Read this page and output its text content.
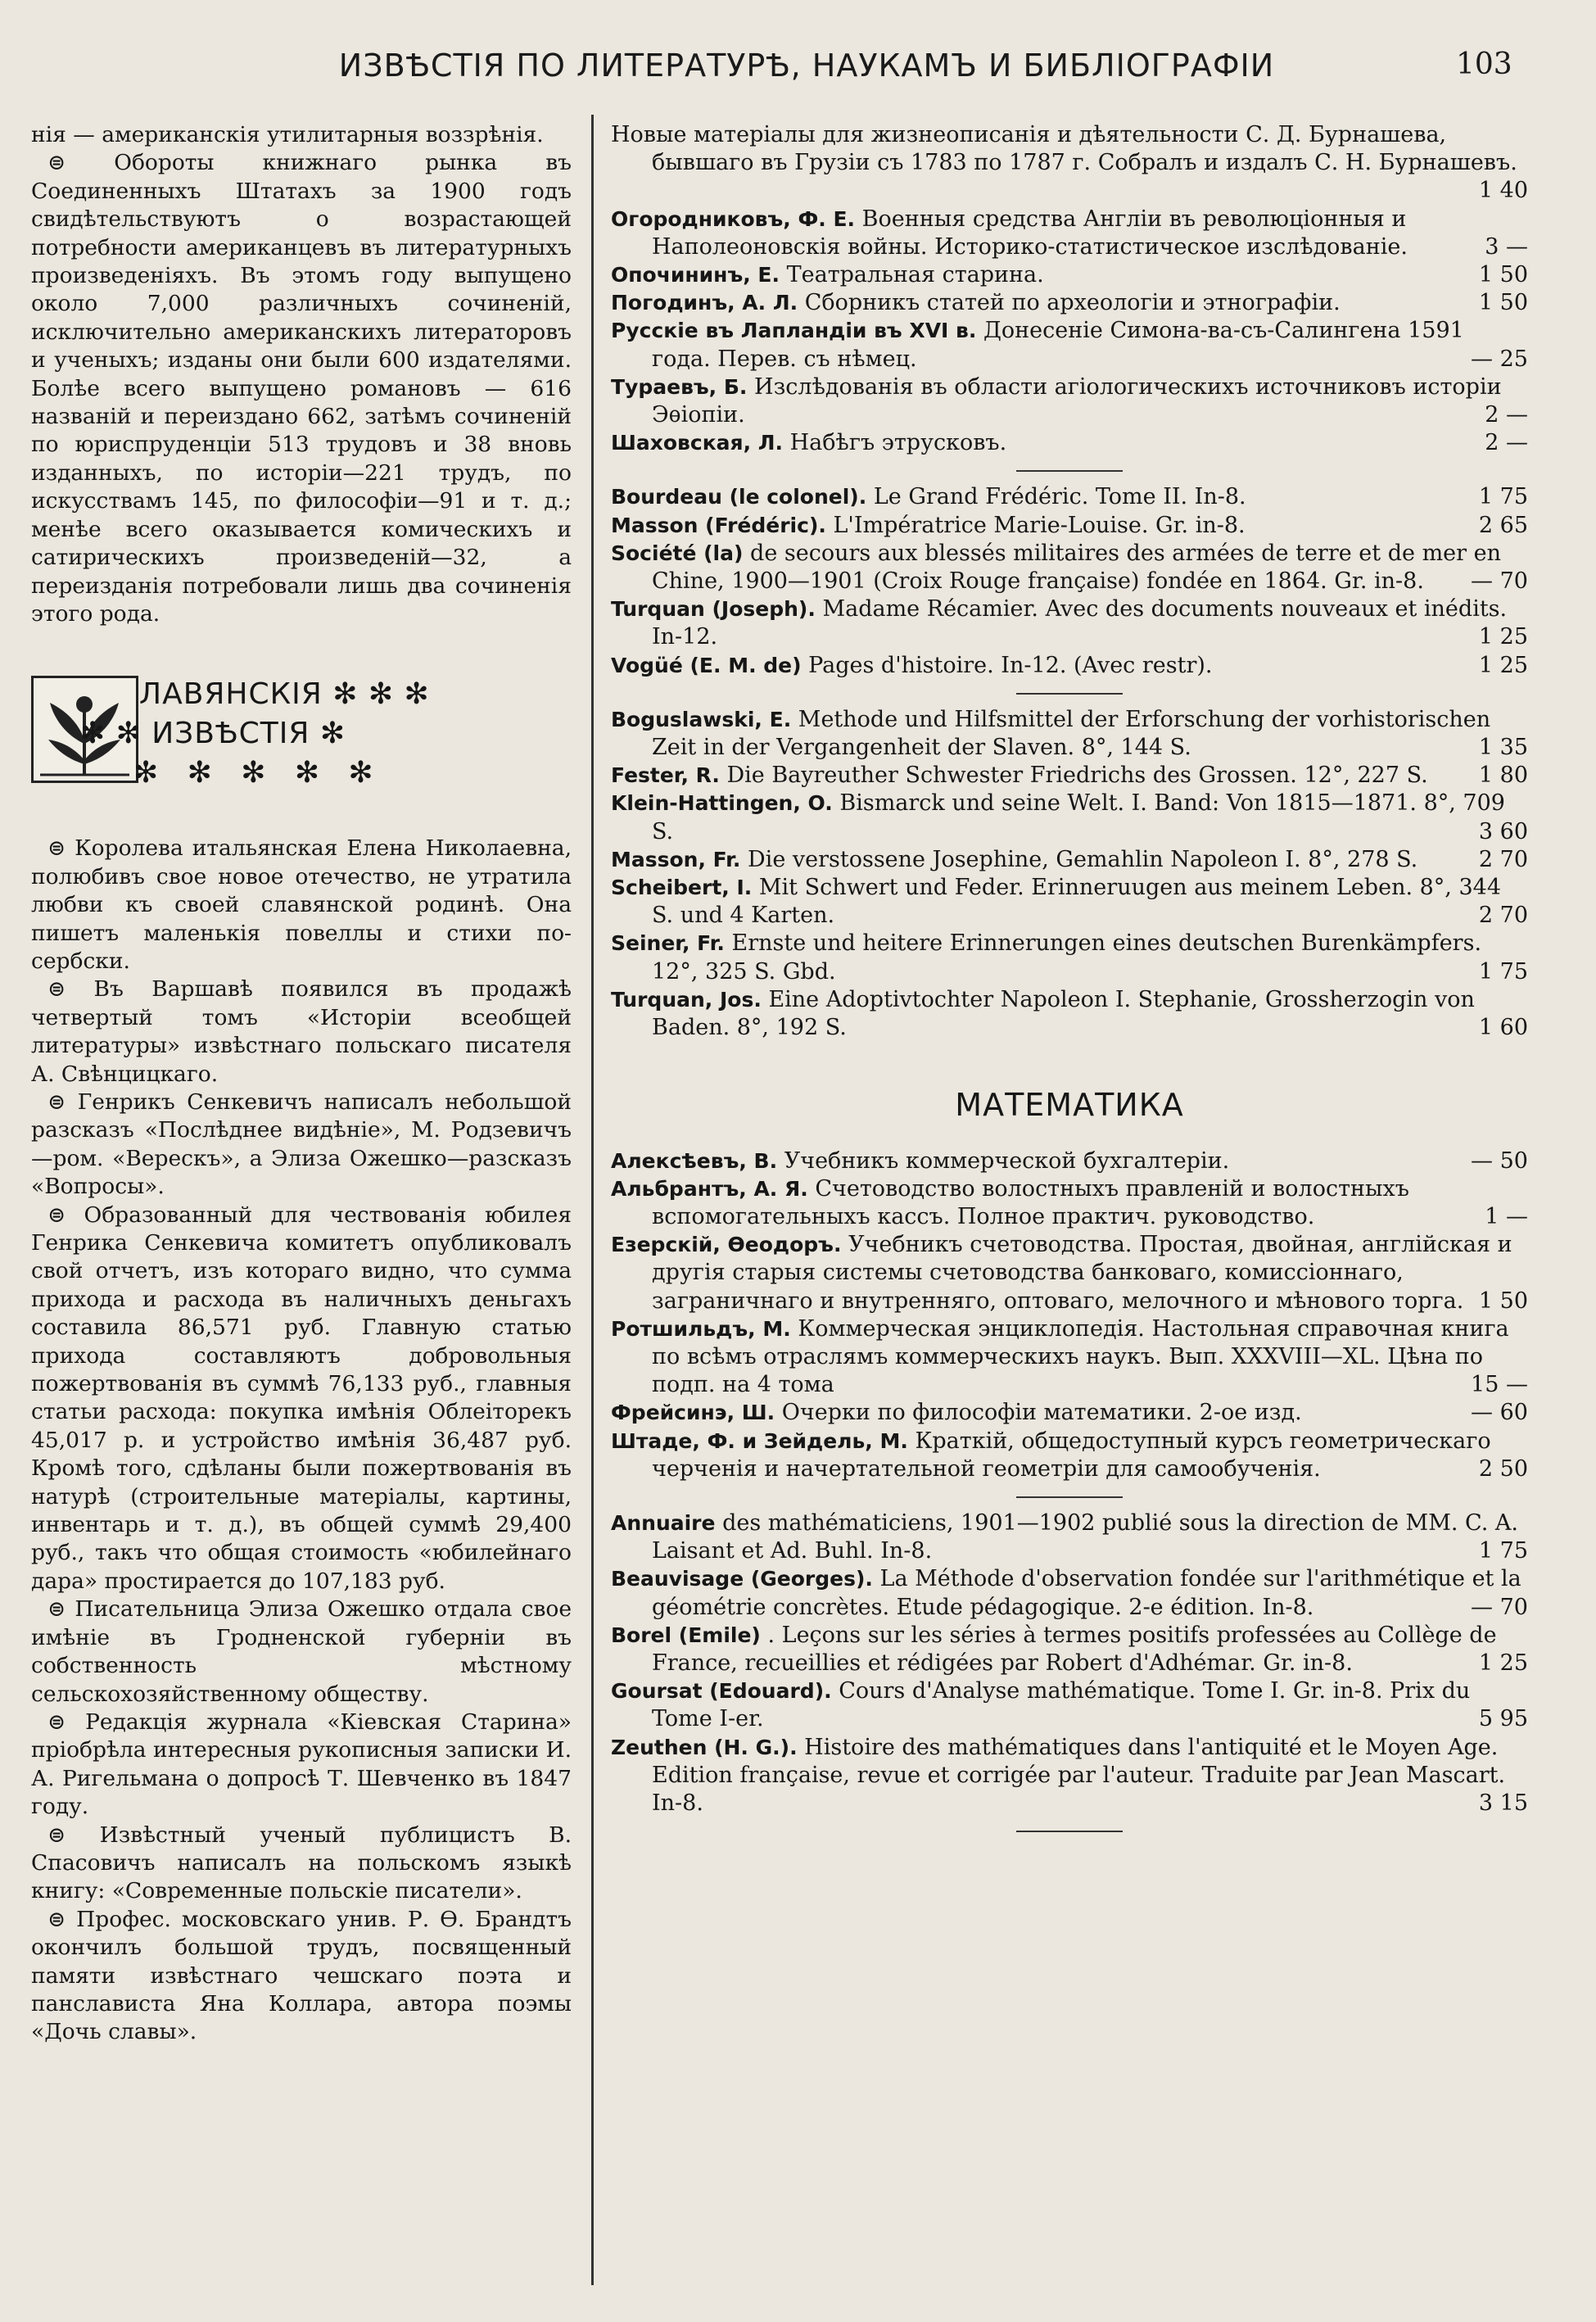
ИЗВѢСТІЯ ПО ЛИТЕРАТУРѢ, НАУКАМЪ И БИБЛІОГРАФІИ	103

нія — американскія утилитарныя воззрѣнія.

⊜ Обороты книжнаго рынка въ Соединенныхъ Штатахъ за 1900 годъ свидѣтельствуютъ о возрастающей потребности американцевъ въ литературныхъ произведеніяхъ. Въ этомъ году выпущено около 7,000 различныхъ сочиненій, исключительно американскихъ литераторовъ и ученыхъ; изданы они были 600 издателями. Болѣе всего выпущено романовъ — 616 названій и переиздано 662, затѣмъ сочиненій по юриспруденціи 513 трудовъ и 38 вновь изданныхъ, по исторіи—221 трудъ, по искусствамъ 145, по философіи—91 и т. д.; менѣе всего оказывается комическихъ и сатирическихъ произведеній—32, а переизданія потребовали лишь два сочиненія этого рода.

ЛАВЯНСКІЯ ✻ ✻ ✻
✻ ✻ ИЗВѢСТІЯ ✻
✻ ✻ ✻ ✻ ✻

⊜ Королева итальянская Елена Николаевна, полюбивъ свое новое отечество, не утратила любви къ своей славянской родинѣ. Она пишетъ маленькія повеллы и стихи по-сербски.

⊜ Въ Варшавѣ появился въ продажѣ четвертый томъ «Исторіи всеобщей литературы» извѣстнаго польскаго писателя А. Свѣнцицкаго.

⊜ Генрикъ Сенкевичъ написалъ небольшой разсказъ «Послѣднее видѣніе», М. Родзевичъ—ром. «Верескъ», а Элиза Ожешко—разсказъ «Вопросы».

⊜ Образованный для чествованія юбилея Генрика Сенкевича комитетъ опубликовалъ свой отчетъ, изъ котораго видно, что сумма прихода и расхода въ наличныхъ деньгахъ составила 86,571 руб. Главную статью прихода составляютъ добровольныя пожертвованія въ суммѣ 76,133 руб., главныя статьи расхода: покупка имѣнія Облеіторекъ 45,017 р. и устройство имѣнія 36,487 руб. Кромѣ того, сдѣланы были пожертвованія въ натурѣ (строительные матеріалы, картины, инвентарь и т. д.), въ общей суммѣ 29,400 руб., такъ что общая стоимость «юбилейнаго дара» простирается до 107,183 руб.

⊜ Писательница Элиза Ожешко отдала свое имѣніе въ Гродненской губерніи въ собственность мѣстному сельскохозяйственному обществу.

⊜ Редакція журнала «Кіевская Старина» пріобрѣла интересныя рукописныя записки И. А. Ригельмана о допросѣ Т. Шевченко въ 1847 году.

⊜ Извѣстный ученый публицистъ В. Спасовичъ написалъ на польскомъ языкѣ книгу: «Современные польскіе писатели».

⊜ Профес. московскаго унив. Р. Ѳ. Брандтъ окончилъ большой трудъ, посвященный памяти извѣстнаго чешскаго поэта и панслависта Яна Коллара, автора поэмы «Дочь славы».

Новые матеріалы для жизнеописанія и дѣятельности С. Д. Бурнашева, бывшаго въ Грузіи съ 1783 по 1787 г. Собралъ и издалъ С. Н. Бурнашевъ.
1 40

Огородниковъ, Ф. Е. Военныя средства Англіи въ революціонныя и Наполеоновскія войны. Историко-статистическое изслѣдованіе.	3 —

Опочининъ, Е. Театральная старина.	1 50

Погодинъ, А. Л. Сборникъ статей по археологіи и этнографіи.	1 50

Русскіе въ Лапландіи въ XVI в. Донесеніе Симона-ва-съ-Салингена 1591 года. Перев. съ нѣмец.	— 25

Тураевъ, Б. Изслѣдованія въ области агіологическихъ источниковъ исторіи Эѳіопіи.	2 —

Шаховская, Л. Набѣгъ этрусковъ.	2 —

Bourdeau (le colonel). Le Grand Frédéric. Tome II. In-8.	1 75

Masson (Frédéric). L'Impératrice Marie-Louise. Gr. in-8.	2 65

Société (la) de secours aux blessés militaires des armées de terre et de mer en Chine, 1900—1901 (Croix Rouge française) fondée en 1864. Gr. in-8.	— 70

Turquan (Joseph). Madame Récamier. Avec des documents nouveaux et inédits. In-12.	1 25

Vogüé (E. M. de) Pages d'histoire. In-12. (Avec restr).	1 25

Boguslawski, E. Methode und Hilfsmittel der Erforschung der vorhistorischen Zeit in der Vergangenheit der Slaven. 8°, 144 S.	1 35

Fester, R. Die Bayreuther Schwester Friedrichs des Grossen. 12°, 227 S.	1 80

Klein-Hattingen, O. Bismarck und seine Welt. I. Band: Von 1815—1871. 8°, 709 S.	3 60

Masson, Fr. Die verstossene Josephine, Gemahlin Napoleon I. 8°, 278 S.	2 70

Scheibert, I. Mit Schwert und Feder. Erinneruugen aus meinem Leben. 8°, 344 S. und 4 Karten.	2 70

Seiner, Fr. Ernste und heitere Erinnerungen eines deutschen Burenkämpfers. 12°, 325 S. Gbd.	1 75

Turquan, Jos. Eine Adoptivtochter Napoleon I. Stephanie, Grossherzogin von Baden. 8°, 192 S.	1 60

МАТЕМАТИКА

Алексѣевъ, В. Учебникъ коммерческой бухгалтеріи.	— 50

Альбрантъ, А. Я. Счетоводство волостныхъ правленій и волостныхъ вспомогательныхъ кассъ. Полное практич. руководство.	1 —

Езерскій, Ѳеодоръ. Учебникъ счетоводства. Простая, двойная, англійская и другія старыя системы счетоводства банковаго, комиссіоннаго, заграничнаго и внутренняго, оптоваго, мелочного и мѣнового торга. 1 50

Ротшильдъ, М. Коммерческая энциклопедія. Настольная справочная книга по всѣмъ отраслямъ коммерческихъ наукъ. Вып. XXXVIII—XL. Цѣна по подп. на 4 тома	15 —

Фрейсинэ, Ш. Очерки по философіи математики. 2-ое изд.	— 60

Штаде, Ф. и Зейдель, М. Краткій, общедоступный курсъ геометрическаго черченія и начертательной геометріи для самообученія.	2 50

Annuaire des mathématiciens, 1901—1902 publié sous la direction de MM. C. A. Laisant et Ad. Buhl. In-8.	1 75

Beauvisage (Georges). La Méthode d'observation fondée sur l'arithmétique et la géométrie concrètes. Etude pédagogique. 2-e édition. In-8.	— 70

Borel (Emile) . Leçons sur les séries à termes positifs professées au Collège de France, recueillies et rédigées par Robert d'Adhémar. Gr. in-8.	1 25

Goursat (Edouard). Cours d'Analyse mathématique. Tome I. Gr. in-8. Prix du Tome I-er.	5 95

Zeuthen (H. G.). Histoire des mathématiques dans l'antiquité et le Moyen Age. Edition française, revue et corrigée par l'auteur. Traduite par Jean Mascart. In-8.	3 15
